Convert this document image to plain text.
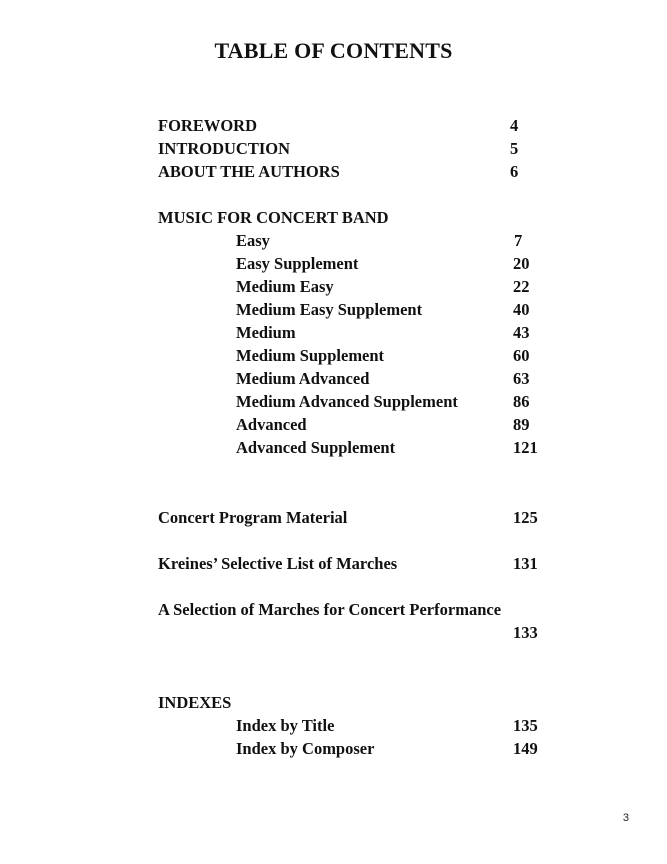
TABLE OF CONTENTS
FOREWORD	4
INTRODUCTION	5
ABOUT THE AUTHORS	6
MUSIC FOR CONCERT BAND
Easy	7
Easy Supplement	20
Medium Easy	22
Medium Easy Supplement	40
Medium	43
Medium Supplement	60
Medium Advanced	63
Medium Advanced Supplement	86
Advanced	89
Advanced Supplement	121
Concert Program Material	125
Kreines’ Selective List of Marches	131
A Selection of Marches for Concert Performance
133
INDEXES
Index by Title	135
Index by Composer	149
3
